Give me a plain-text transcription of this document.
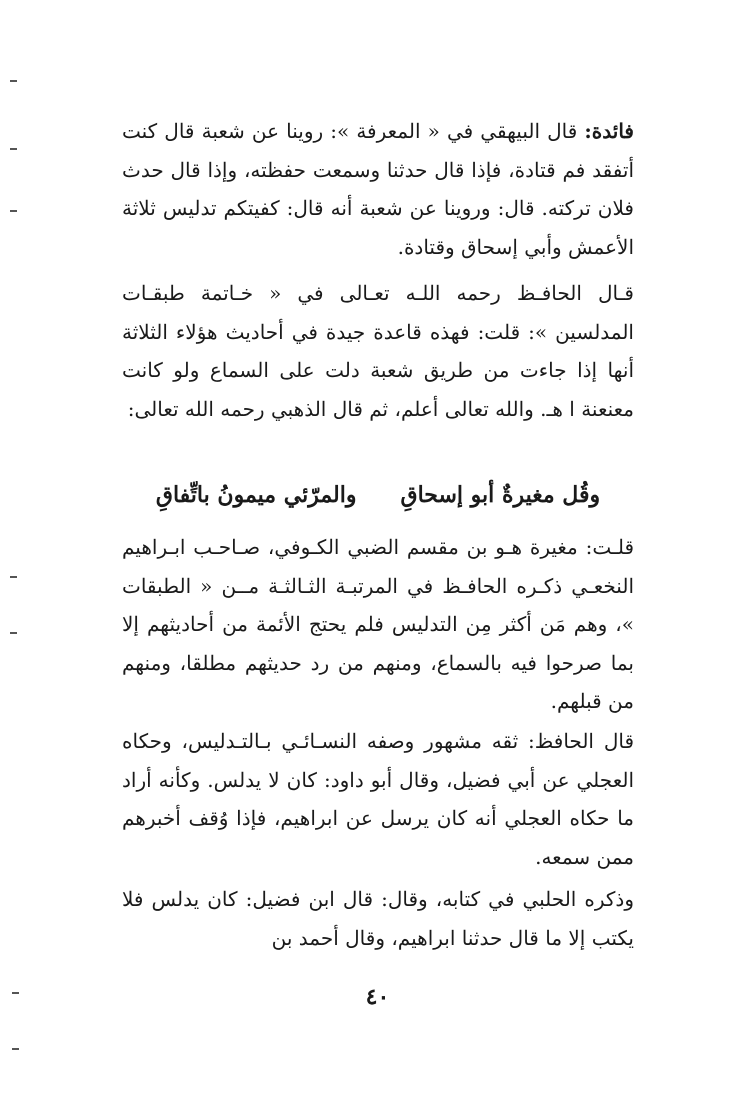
فائدة: قال البيهقي في « المعرفة »: روينا عن شعبة قال كنت أتفقد فم قتادة، فإذا قال حدثنا وسمعت حفظته، وإذا قال حدث فلان تركته. قال: وروينا عن شعبة أنه قال: كفيتكم تدليس ثلاثة الأعمش وأبي إسحاق وقتادة.

قـال الحافـظ رحمه اللـه تعـالى في « خـاتمة طبقـات المدلسين »: قلت: فهذه قاعدة جيدة في أحاديث هؤلاء الثلاثة أنها إذا جاءت من طريق شعبة دلت على السماع ولو كانت معنعنة ا هـ. والله تعالى أعلم، ثم قال الذهبي رحمه الله تعالى:

وقُل مغيرةٌ أبو إسحاقِ
والمرّئي ميمونُ باتِّفاقِ

قلـت: مغيرة هـو بن مقسم الضبي الكـوفي، صـاحـب ابـراهيم النخعـي ذكـره الحافـظ في المرتبـة الثـالثـة مــن « الطبقات »، وهم مَن أكثر مِن التدليس فلم يحتج الأئمة من أحاديثهم إلا بما صرحوا فيه بالسماع، ومنهم من رد حديثهم مطلقا، ومنهم من قبلهم.

قال الحافظ: ثقه مشهور وصفه النسـائـي بـالتـدليس، وحكاه العجلي عن أبي فضيل، وقال أبو داود: كان لا يدلس. وكأنه أراد ما حكاه العجلي أنه كان يرسل عن ابراهيم، فإذا وُقف أخبرهم ممن سمعه.

وذكره الحلبي في كتابه، وقال: قال ابن فضيل: كان يدلس فلا يكتب إلا ما قال حدثنا ابراهيم، وقال أحمد بن

٤٠
